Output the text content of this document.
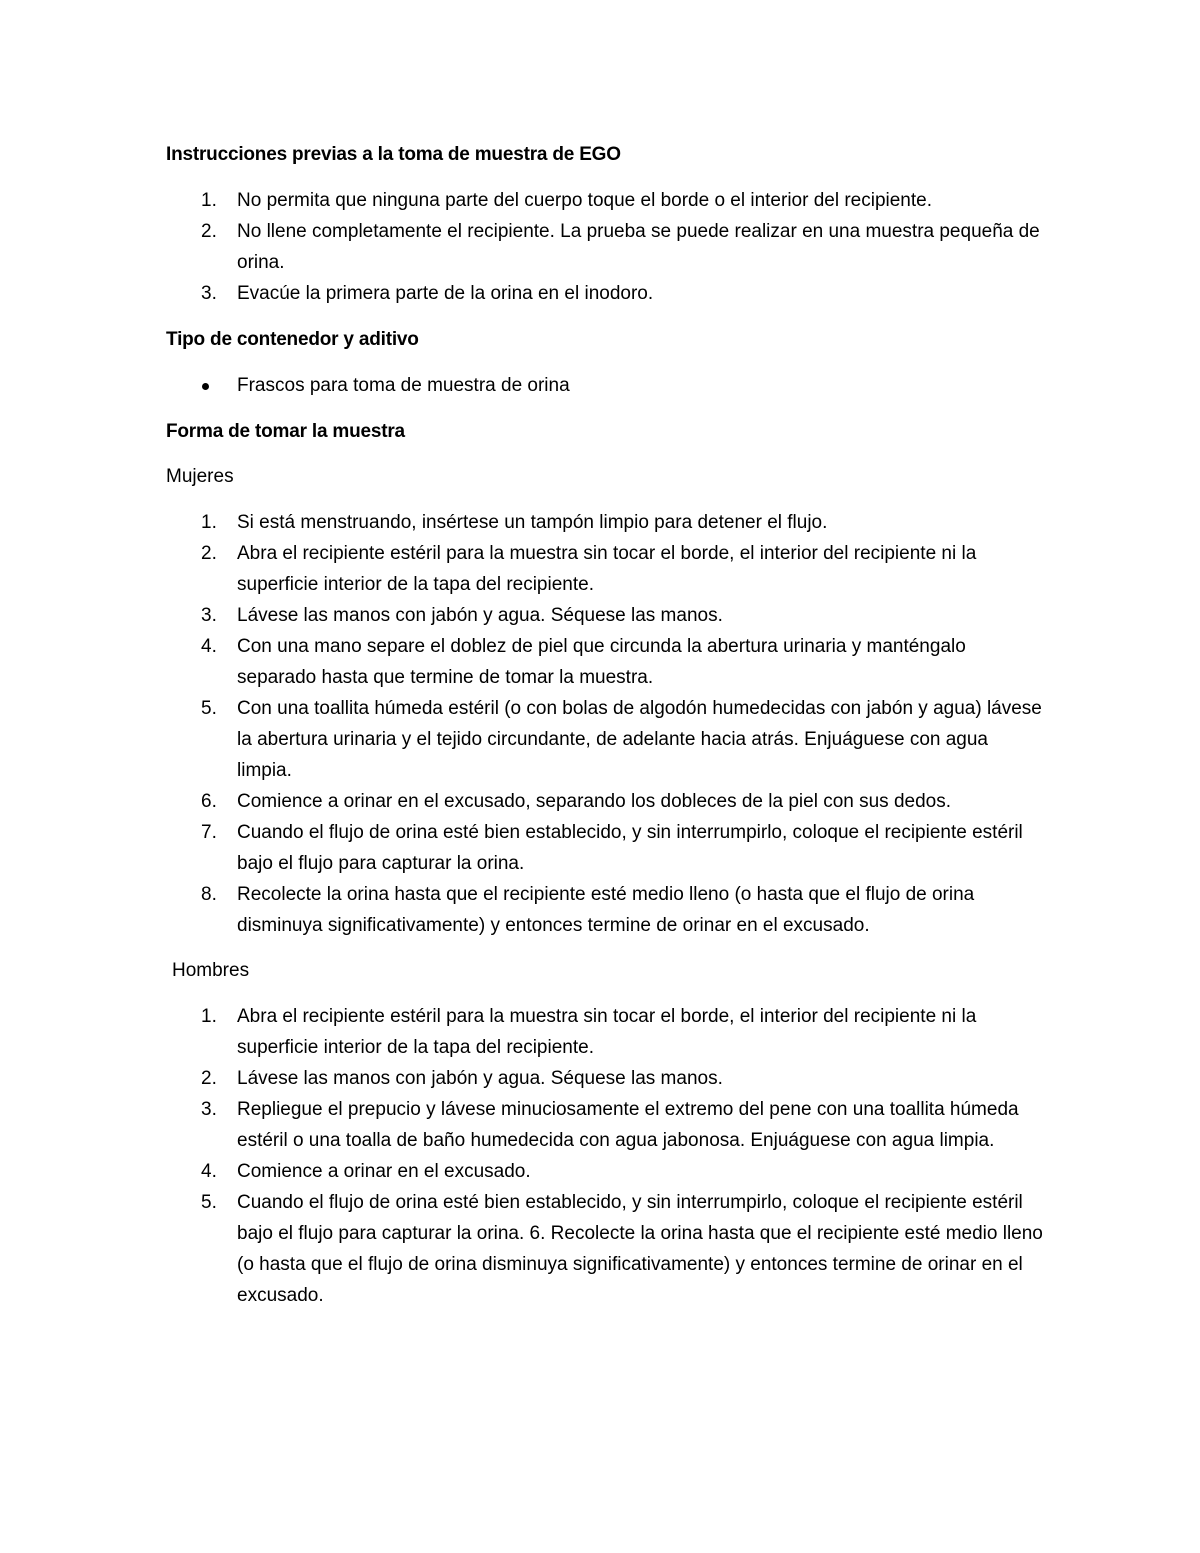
Instrucciones previas a la toma de muestra de EGO
1. No permita que ninguna parte del cuerpo toque el borde o el interior del recipiente.
2. No llene completamente el recipiente. La prueba se puede realizar en una muestra pequeña de orina.
3. Evacúe la primera parte de la orina en el inodoro.
Tipo de contenedor y aditivo
Frascos para toma de muestra de orina
Forma de tomar la muestra

Mujeres

1. Si está menstruando, insértese un tampón limpio para detener el flujo.
2. Abra el recipiente estéril para la muestra sin tocar el borde, el interior del recipiente ni la superficie interior de la tapa del recipiente.
3. Lávese las manos con jabón y agua. Séquese las manos.
4. Con una mano separe el doblez de piel que circunda la abertura urinaria y manténgalo separado hasta que termine de tomar la muestra.
5. Con una toallita húmeda estéril (o con bolas de algodón humedecidas con jabón y agua) lávese la abertura urinaria y el tejido circundante, de adelante hacia atrás. Enjuáguese con agua limpia.
6. Comience a orinar en el excusado, separando los dobleces de la piel con sus dedos.
7. Cuando el flujo de orina esté bien establecido, y sin interrumpirlo, coloque el recipiente estéril bajo el flujo para capturar la orina.
8. Recolecte la orina hasta que el recipiente esté medio lleno (o hasta que el flujo de orina disminuya significativamente) y entonces termine de orinar en el excusado.

Hombres

1. Abra el recipiente estéril para la muestra sin tocar el borde, el interior del recipiente ni la superficie interior de la tapa del recipiente.
2. Lávese las manos con jabón y agua. Séquese las manos.
3. Repliegue el prepucio y lávese minuciosamente el extremo del pene con una toallita húmeda estéril o una toalla de baño humedecida con agua jabonosa. Enjuáguese con agua limpia.
4. Comience a orinar en el excusado.
5. Cuando el flujo de orina esté bien establecido, y sin interrumpirlo, coloque el recipiente estéril bajo el flujo para capturar la orina. 6. Recolecte la orina hasta que el recipiente esté medio lleno (o hasta que el flujo de orina disminuya significativamente) y entonces termine de orinar en el excusado.
